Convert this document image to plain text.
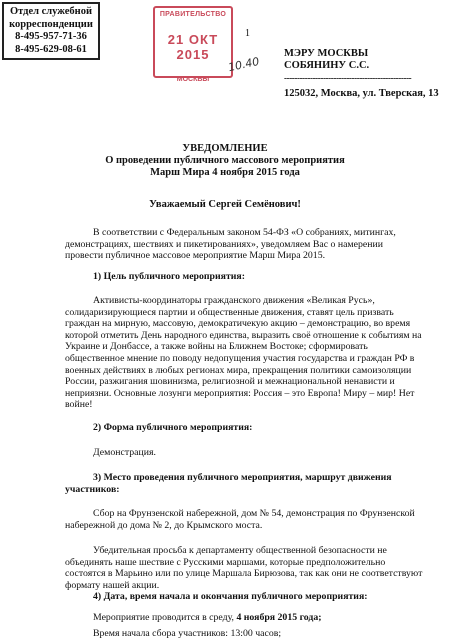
Отдел служебной
корреспонденции
8-495-957-71-36
8-495-629-08-61
ПРАВИТЕЛЬСТВО
21 ОКТ 2015
МОСКВЫ
1
10.40
МЭРУ МОСКВЫ
СОБЯНИНУ С.С.
-------------------------------------------------
125032, Москва, ул. Тверская, 13
УВЕДОМЛЕНИЕ
О проведении публичного массового мероприятия
Марш Мира 4 ноября 2015 года
Уважаемый Сергей Семёнович!
В соответствии с Федеральным законом 54-ФЗ «О собраниях, митингах, демонстрациях, шествиях и пикетированиях», уведомляем Вас о намерении провести публичное массовое мероприятие Марш Мира 2015.
1) Цель публичного мероприятия:
Активисты-координаторы гражданского движения «Великая Русь», солидаризирующиеся партии и общественные движения, ставят цель призвать граждан на мирную, массовую, демократичекую акцию – демонстрацию, во время которой отметить День народного единства, выразить своё отношение к событиям на Украине и Донбассе, а также войны на Ближнем Востоке; сформировать общественное мнение по поводу недопущения участия государства и граждан РФ в военных действиях в любых регионах мира, прекращения политики самоизоляции России, разжигания шовинизма, религиозной и межнациональной ненависти и неприязни. Основные лозунги мероприятия: Россия – это Европа! Миру – мир! Нет войне!
2) Форма публичного мероприятия:
Демонстрация.
3) Место проведения публичного мероприятия, маршрут движения участников:
Сбор на Фрунзенской набережной, дом № 54, демонстрация по Фрунзенской набережной до дома № 2, до Крымского моста.
Убедительная просьба к департаменту общественной безопасности не объединять наше шествие с Русскими маршами, которые предположительно состоятся в Марьино или по улице Маршала Бирюзова, так как они не соответствуют формату нашей акции.
4) Дата, время начала и окончания публичного мероприятия:
Мероприятие проводится в среду, 4 ноября 2015 года;
Время начала сбора участников: 13:00 часов;
